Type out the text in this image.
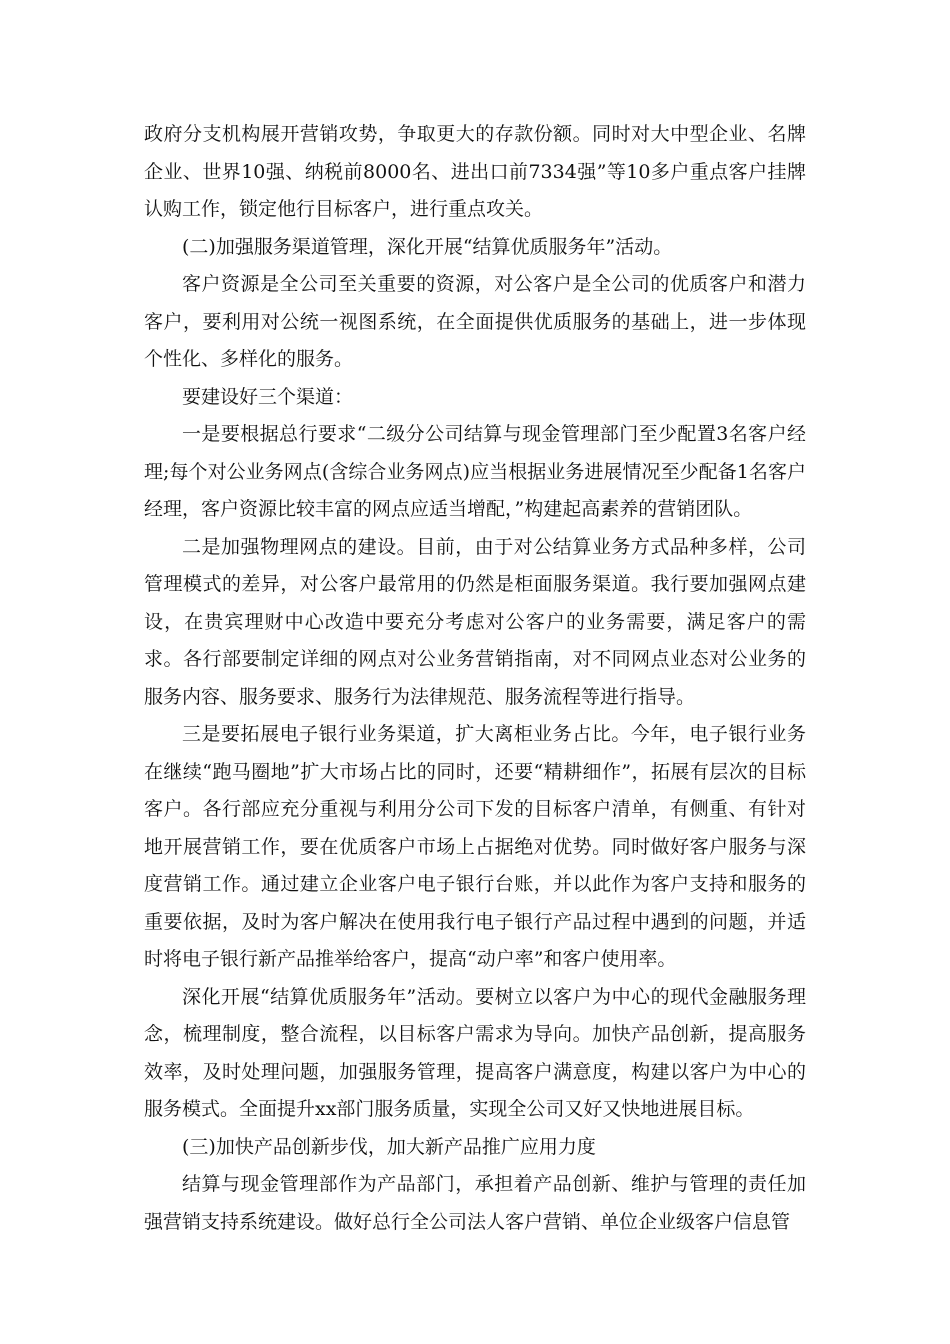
政府分支机构展开营销攻势，争取更大的存款份额。同时对大中型企业、名牌企业、世界10强、纳税前8000名、进出口前7334强”等10多户重点客户挂牌认购工作，锁定他行目标客户，进行重点攻关。

(二)加强服务渠道管理，深化开展“结算优质服务年”活动。

客户资源是全公司至关重要的资源，对公客户是全公司的优质客户和潜力客户，要利用对公统一视图系统，在全面提供优质服务的基础上，进一步体现个性化、多样化的服务。

要建设好三个渠道：

一是要根据总行要求“二级分公司结算与现金管理部门至少配置3名客户经理;每个对公业务网点(含综合业务网点)应当根据业务进展情况至少配备1名客户经理，客户资源比较丰富的网点应适当增配，”构建起高素养的营销团队。

二是加强物理网点的建设。目前，由于对公结算业务方式品种多样，公司管理模式的差异，对公客户最常用的仍然是柜面服务渠道。我行要加强网点建设，在贵宾理财中心改造中要充分考虑对公客户的业务需要，满足客户的需求。各行部要制定详细的网点对公业务营销指南，对不同网点业态对公业务的服务内容、服务要求、服务行为法律规范、服务流程等进行指导。

三是要拓展电子银行业务渠道，扩大离柜业务占比。今年，电子银行业务在继续“跑马圈地”扩大市场占比的同时，还要“精耕细作”，拓展有层次的目标客户。各行部应充分重视与利用分公司下发的目标客户清单，有侧重、有针对地开展营销工作，要在优质客户市场上占据绝对优势。同时做好客户服务与深度营销工作。通过建立企业客户电子银行台账，并以此作为客户支持和服务的重要依据，及时为客户解决在使用我行电子银行产品过程中遇到的问题，并适时将电子银行新产品推举给客户，提高“动户率”和客户使用率。

深化开展“结算优质服务年”活动。要树立以客户为中心的现代金融服务理念，梳理制度，整合流程，以目标客户需求为导向。加快产品创新，提高服务效率，及时处理问题，加强服务管理，提高客户满意度，构建以客户为中心的服务模式。全面提升xx部门服务质量，实现全公司又好又快地进展目标。

(三)加快产品创新步伐，加大新产品推广应用力度

结算与现金管理部作为产品部门，承担着产品创新、维护与管理的责任加强营销支持系统建设。做好总行全公司法人客户营销、单位企业级客户信息管
